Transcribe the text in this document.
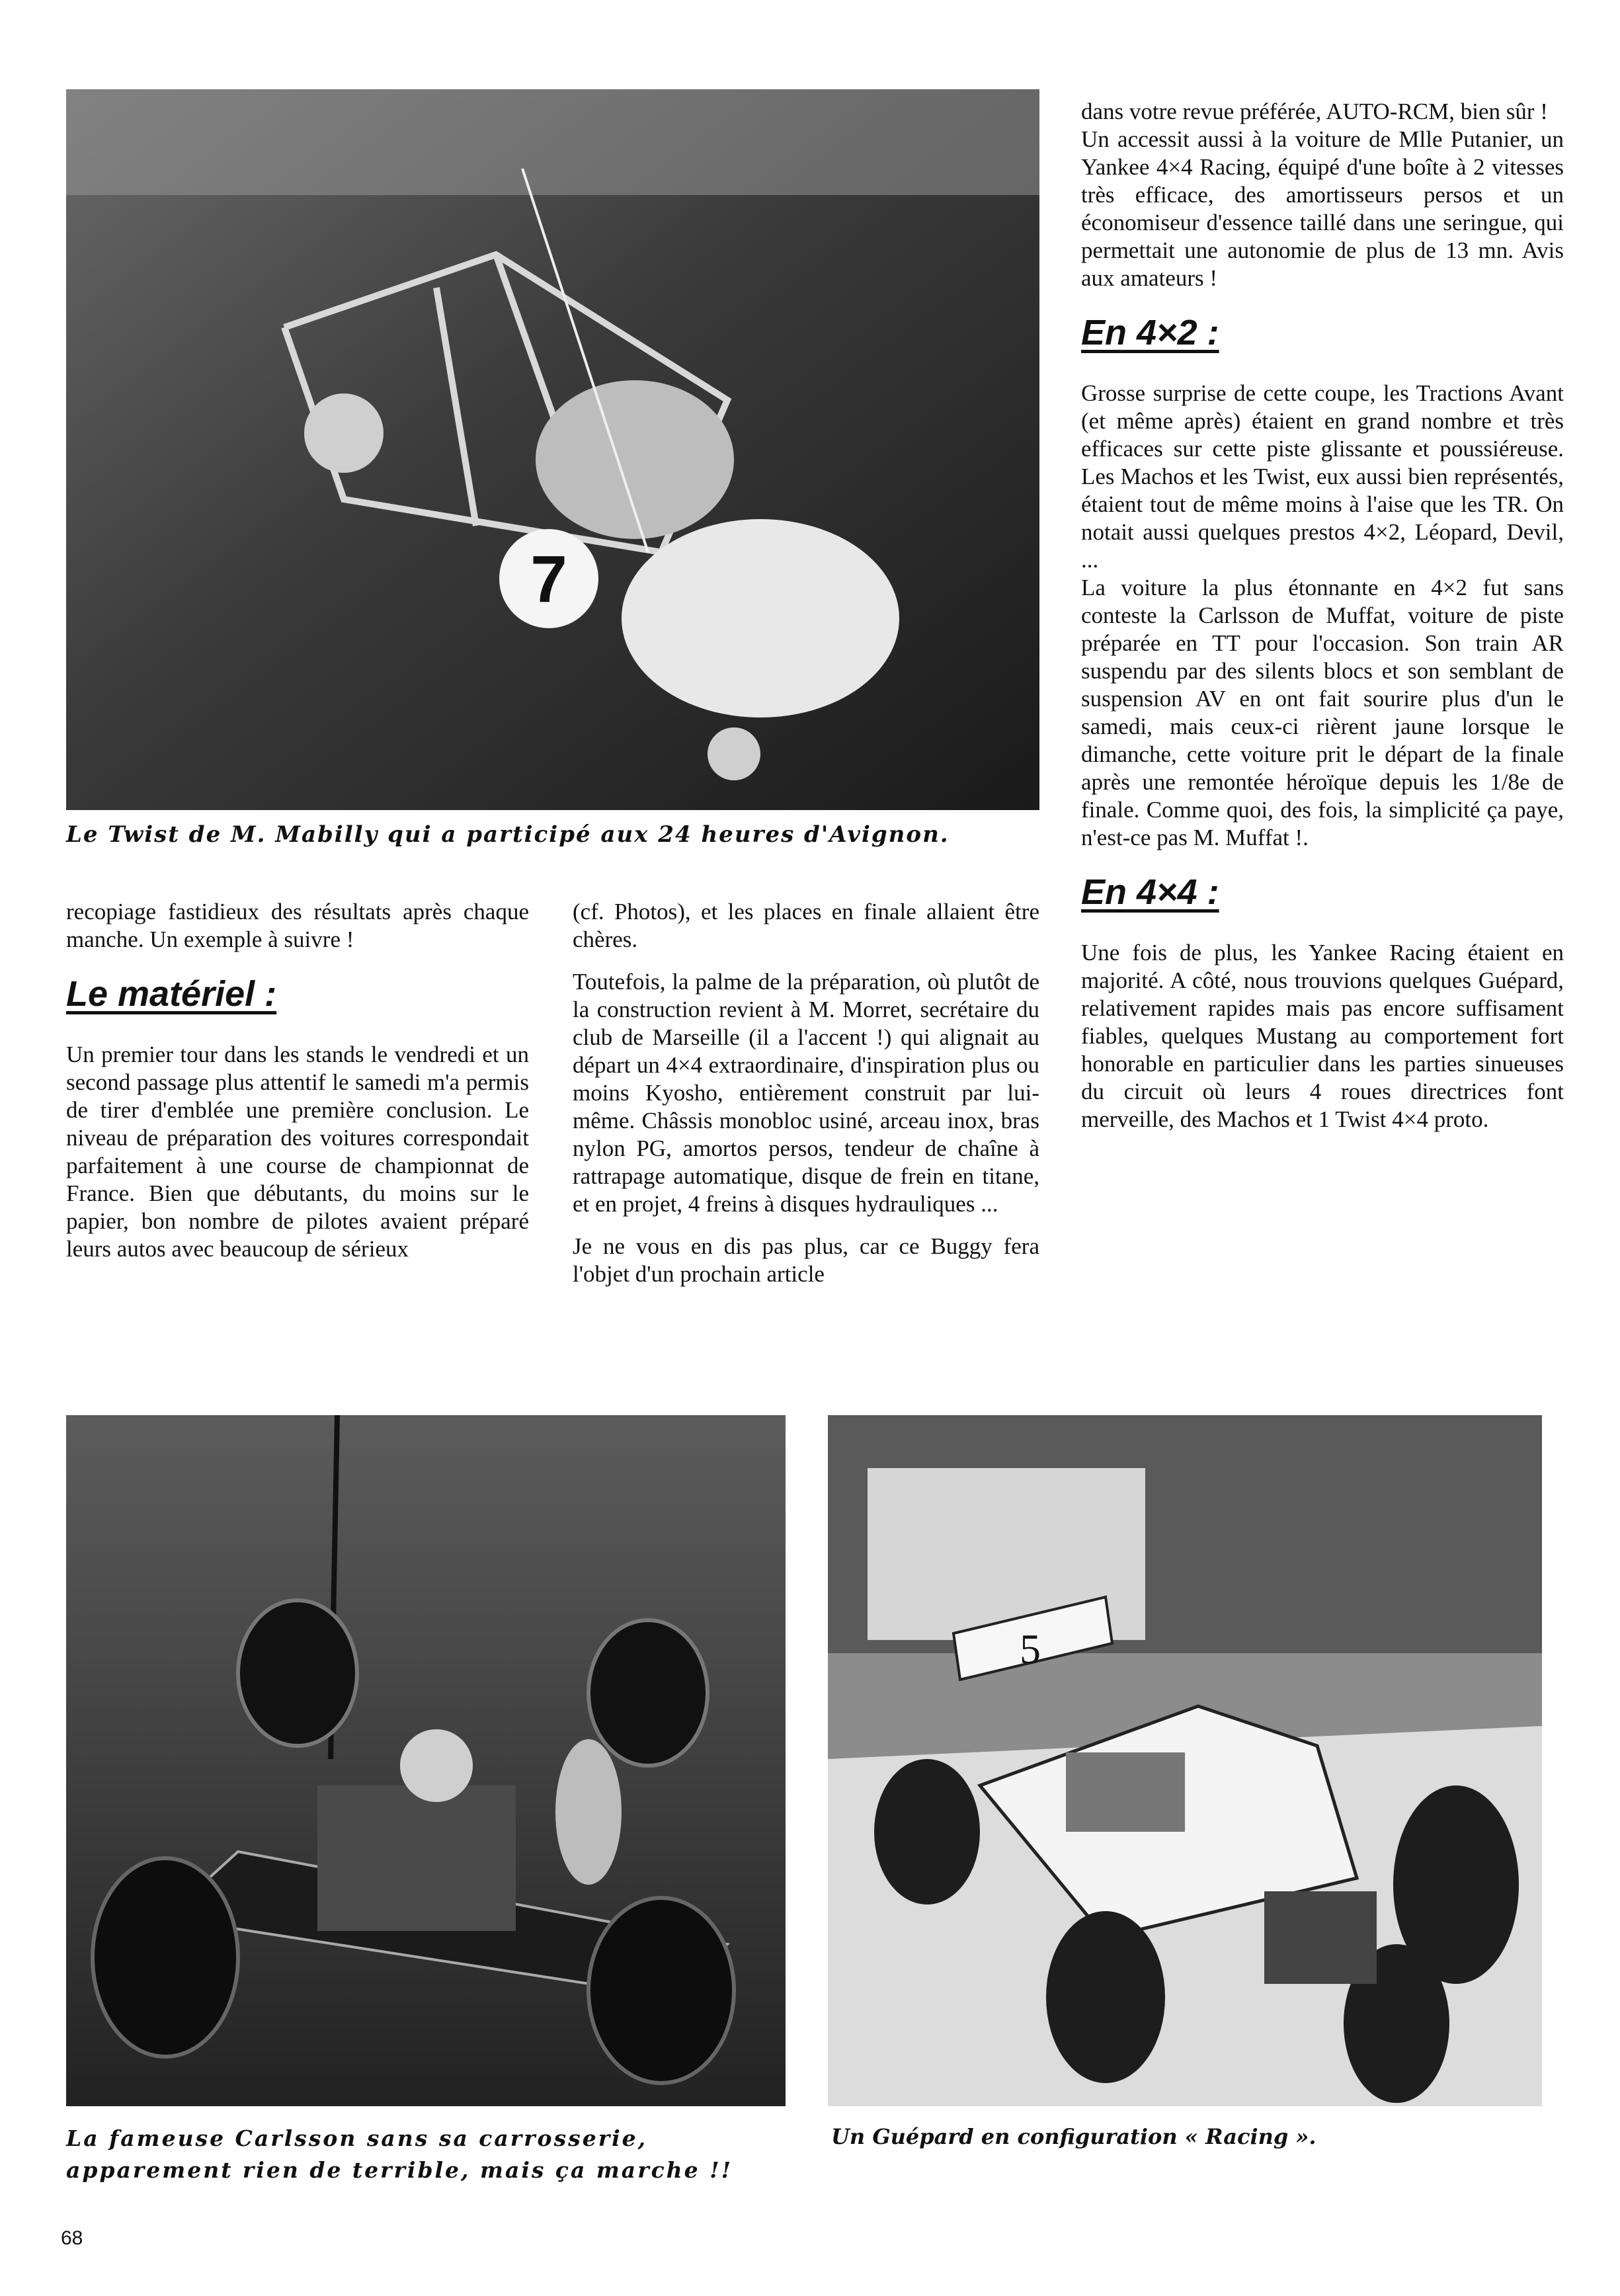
7

Le Twist de M. Mabilly qui a participé aux 24 heures d'Avignon.

recopiage fastidieux des résultats après chaque manche. Un exemple à suivre !

Le matériel :

Un premier tour dans les stands le vendredi et un second passage plus attentif le samedi m'a permis de tirer d'emblée une première conclusion. Le niveau de préparation des voitures correspondait parfaitement à une course de championnat de France. Bien que débutants, du moins sur le papier, bon nombre de pilotes avaient préparé leurs autos avec beaucoup de sérieux

(cf. Photos), et les places en finale allaient être chères.

Toutefois, la palme de la préparation, où plutôt de la construction revient à M. Morret, secrétaire du club de Marseille (il a l'accent !) qui alignait au départ un 4×4 extraordinaire, d'inspiration plus ou moins Kyosho, entièrement construit par lui-même. Châssis monobloc usiné, arceau inox, bras nylon PG, amortos persos, tendeur de chaîne à rattrapage automatique, disque de frein en titane, et en projet, 4 freins à disques hydrauliques ...

Je ne vous en dis pas plus, car ce Buggy fera l'objet d'un prochain article

dans votre revue préférée, AUTO-RCM, bien sûr !

Un accessit aussi à la voiture de Mlle Putanier, un Yankee 4×4 Racing, équipé d'une boîte à 2 vitesses très efficace, des amortisseurs persos et un économiseur d'essence taillé dans une seringue, qui permettait une autonomie de plus de 13 mn. Avis aux amateurs !

En 4×2 :

Grosse surprise de cette coupe, les Tractions Avant (et même après) étaient en grand nombre et très efficaces sur cette piste glissante et poussiéreuse. Les Machos et les Twist, eux aussi bien représentés, étaient tout de même moins à l'aise que les TR. On notait aussi quelques prestos 4×2, Léopard, Devil, ...

La voiture la plus étonnante en 4×2 fut sans conteste la Carlsson de Muffat, voiture de piste préparée en TT pour l'occasion. Son train AR suspendu par des silents blocs et son semblant de suspension AV en ont fait sourire plus d'un le samedi, mais ceux-ci rièrent jaune lorsque le dimanche, cette voiture prit le départ de la finale après une remontée héroïque depuis les 1/8e de finale. Comme quoi, des fois, la simplicité ça paye, n'est-ce pas M. Muffat !.

En 4×4 :

Une fois de plus, les Yankee Racing étaient en majorité. A côté, nous trouvions quelques Guépard, relativement rapides mais pas encore suffisament fiables, quelques Mustang au comportement fort honorable en particulier dans les parties sinueuses du circuit où leurs 4 roues directrices font merveille, des Machos et 1 Twist 4×4 proto.

La fameuse Carlsson sans sa carrosserie, apparement rien de terrible, mais ça marche !!

5

Un Guépard en configuration « Racing ».

68
